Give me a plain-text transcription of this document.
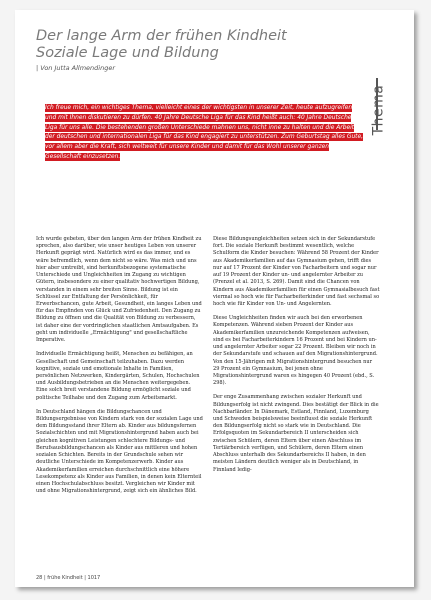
Der lange Arm der frühen Kindheit
Soziale Lage und Bildung
| Von Jutta Allmendinger
Thema
Ich freue mich, ein wichtiges Thema, vielleicht eines der wichtigsten in unserer Zeit, heute aufzugreifen und mit Ihnen diskutieren zu dürfen. 40 Jahre Deutsche Liga für das Kind heißt auch: 40 Jahre Deutsche Liga für uns alle. Die bestehenden großen Unterschiede mahnen uns, nicht inne zu halten und die Arbeit der deutschen und internationalen Liga für das Kind engagiert zu unterstützen. Zum Geburtstag alles Gute, vor allem aber die Kraft, sich weltweit für unsere Kinder und damit für das Wohl unserer ganzen Gesellschaft einzusetzen.

Ich wurde gebeten, über den langen Arm der frühen Kindheit zu sprechen, also darüber, wie unser heutiges Leben von unserer Herkunft geprägt wird. Natürlich wird es das immer, und es wäre befremdlich, wenn dem nicht so wäre. Was mich und uns hier aber umtreibt, sind herkunftsbezogene systematische Unterschiede und Ungleichheiten im Zugang zu wichtigen Gütern, insbesondere zu einer qualitativ hochwertigen Bildung, verstanden in einem sehr breiten Sinne. Bildung ist ein Schlüssel zur Entfaltung der Persönlichkeit, für Erwerbschancen, gute Arbeit, Gesundheit, ein langes Leben und für das Empfinden von Glück und Zufriedenheit. Den Zugang zu Bildung zu öffnen und die Qualität von Bildung zu verbessern, ist daher eine der vordringlichen staatlichen Amtsaufgaben. Es geht um individuelle „Ermächtigung" und gesellschaftliche Imperative.

Individuelle Ermächtigung heißt, Menschen zu befähigen, an Gesellschaft und Gemeinschaft teilzuhaben. Dazu werden kognitive, soziale und emotionale Inhalte in Familien, persönlichen Netzwerken, Kindergärten, Schulen, Hochschulen und Ausbildungsbetrieben an die Menschen weitergegeben. Eine solch breit verstandene Bildung ermöglicht soziale und politische Teilhabe und den Zugang zum Arbeitsmarkt.

In Deutschland hängen die Bildungschancen und Bildungsergebnisse von Kindern stark von der sozialen Lage und dem Bildungsstand ihrer Eltern ab. Kinder aus bildungsfernen Sozialschichten und mit Migrationshintergrund haben auch bei gleichen kognitiven Leistungen schlechtere Bildungs- und Berufsausbildungschancen als Kinder aus mittleren und hohen sozialen Schichten. Bereits in der Grundschule sehen wir deutliche Unterschiede im Kompetenzerwerb. Kinder aus Akademikerfamilien erreichen durchschnittlich eine höhere Lesekompetenz als Kinder aus Familien, in denen kein Elternteil einen Hochschulabschluss besitzt. Vergleichen wir Kinder mit und ohne Migrationshintergrund, zeigt sich ein ähnliches Bild.

Diese Bildungsungleichheiten setzen sich in der Sekundarstufe fort. Die soziale Herkunft bestimmt wesentlich, welche Schulform die Kinder besuchen: Während 58 Prozent der Kinder aus Akademikerfamilien auf das Gymnasium gehen, trifft dies nur auf 17 Prozent der Kinder von Facharbeitern und sogar nur auf 19 Prozent der Kinder un- und angelernter Arbeiter zu (Prenzel et al. 2013, S. 269). Damit sind die Chancen von Kindern aus Akademikerfamilien für einen Gymnasialbesuch fast viermal so hoch wie für Facharbeiterkinder und fast sechsmal so hoch wie für Kinder von Un- und Angelernten.

Diese Ungleichheiten finden wir auch bei den erworbenen Kompetenzen. Während sieben Prozent der Kinder aus Akademikerfamilien unzureichende Kompetenzen aufweisen, sind es bei Facharbeiterkindern 16 Prozent und bei Kindern un- und angelernter Arbeiter sogar 22 Prozent. Bleiben wir noch in der Sekundarstufe und schauen auf den Migrationshintergrund. Von den 15-Jährigen mit Migrationshintergrund besuchen nur 29 Prozent ein Gymnasium, bei jenen ohne Migrationshintergrund waren es hingegen 40 Prozent (ebd., S. 298).

Der enge Zusammenhang zwischen sozialer Herkunft und Bildungserfolg ist nicht zwingend. Dies bestätigt der Blick in die Nachbarländer. In Dänemark, Estland, Finnland, Luxemburg und Schweden beispielsweise beeinflusst die soziale Herkunft den Bildungserfolg nicht so stark wie in Deutschland. Die Erfolgsquoten im Sekundarbereich II unterscheiden sich zwischen Schülern, deren Eltern über einen Abschluss im Tertiärbereich verfügen, und Schülern, deren Eltern einen Abschluss unterhalb des Sekundarbereichs II haben, in den meisten Ländern deutlich weniger als in Deutschland, in Finnland ledig-

28 | frühe Kindheit | 1017
